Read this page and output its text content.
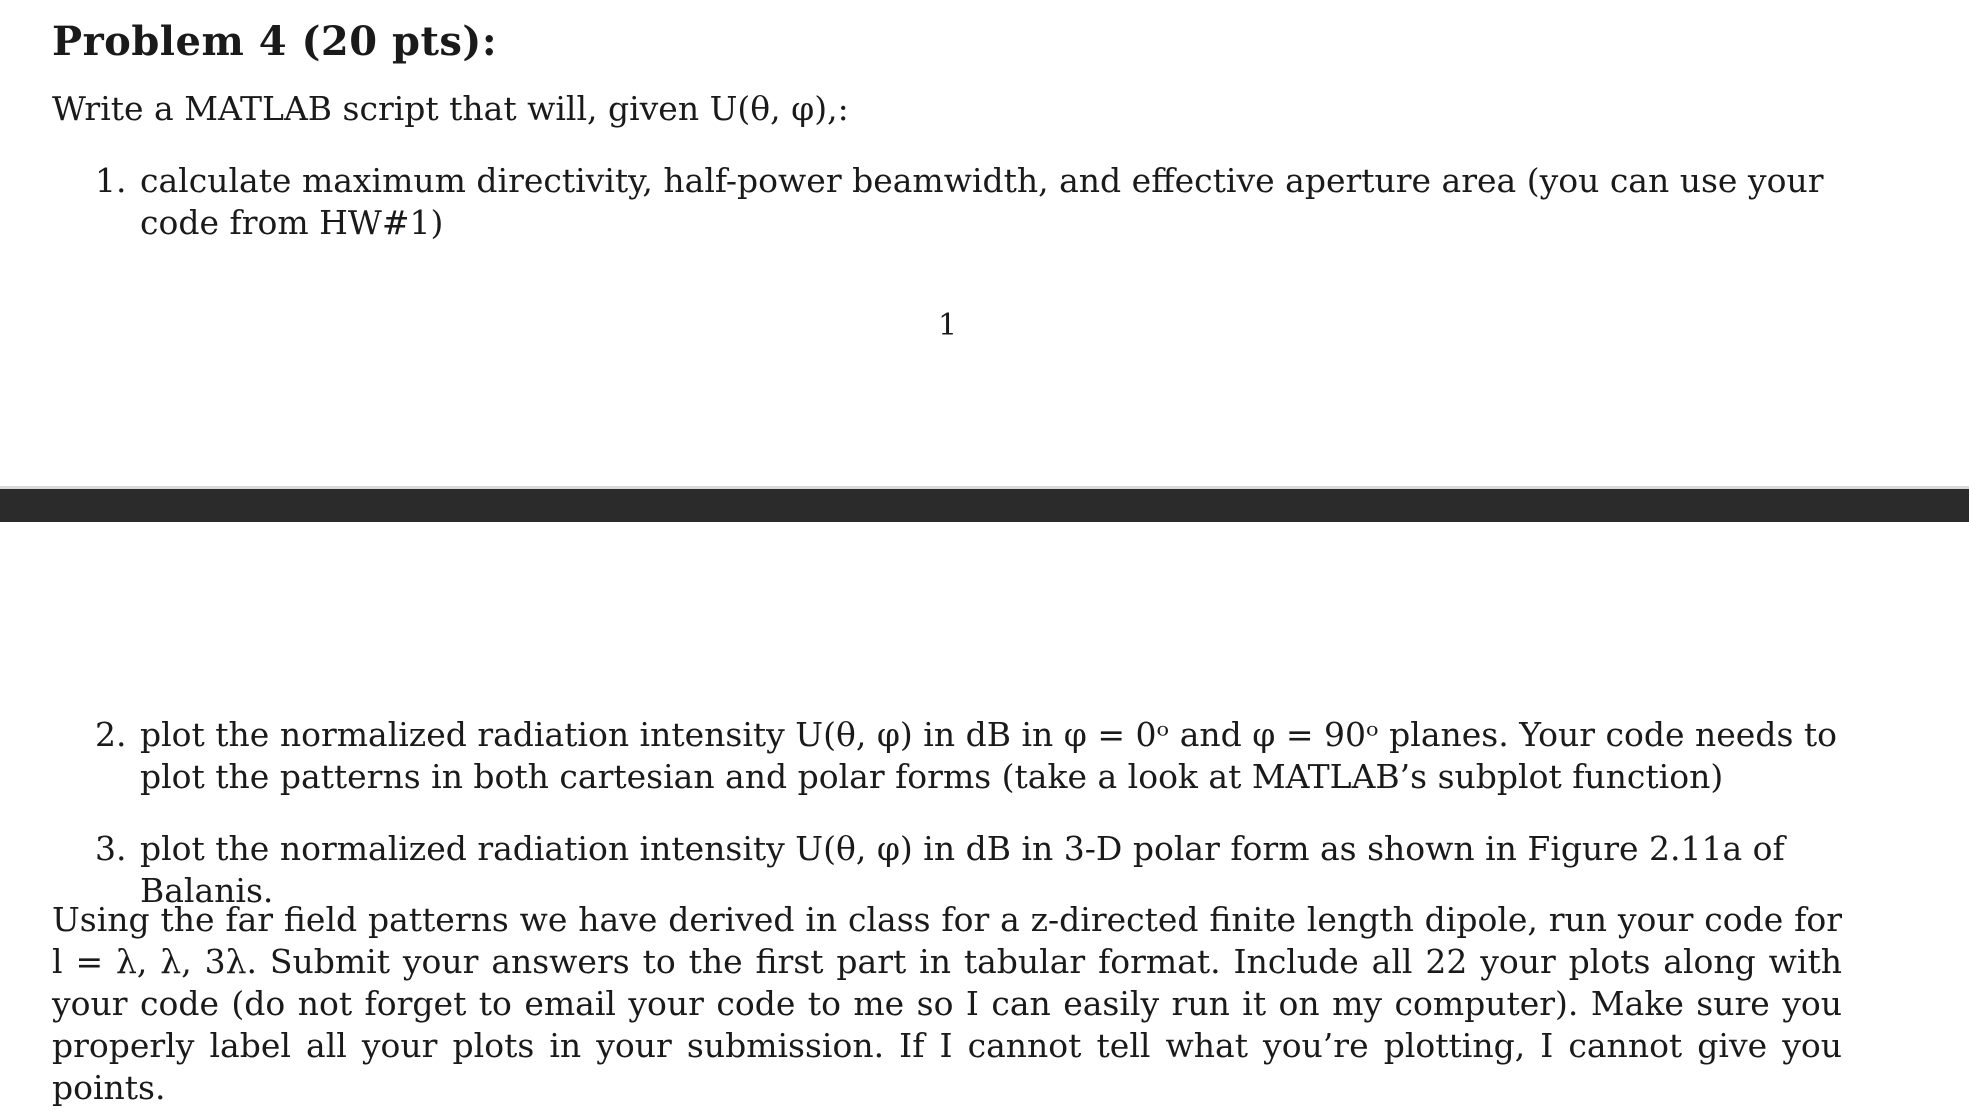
Problem 4 (20 pts):
Write a MATLAB script that will, given U(θ, φ),:
1. calculate maximum directivity, half-power beamwidth, and effective aperture area (you can use your code from HW#1)
1
2. plot the normalized radiation intensity U(θ, φ) in dB in φ = 0ᵒ and φ = 90ᵒ planes. Your code needs to plot the patterns in both cartesian and polar forms (take a look at MATLAB’s subplot function)
3. plot the normalized radiation intensity U(θ, φ) in dB in 3-D polar form as shown in Figure 2.11a of Balanis.
Using the far field patterns we have derived in class for a z-directed finite length dipole, run your code for l = λ, λ, 3λ. Submit your answers to the first part in tabular format. Include all 22 your plots along with your code (do not forget to email your code to me so I can easily run it on my computer). Make sure you properly label all your plots in your submission. If I cannot tell what you’re plotting, I cannot give you points.
